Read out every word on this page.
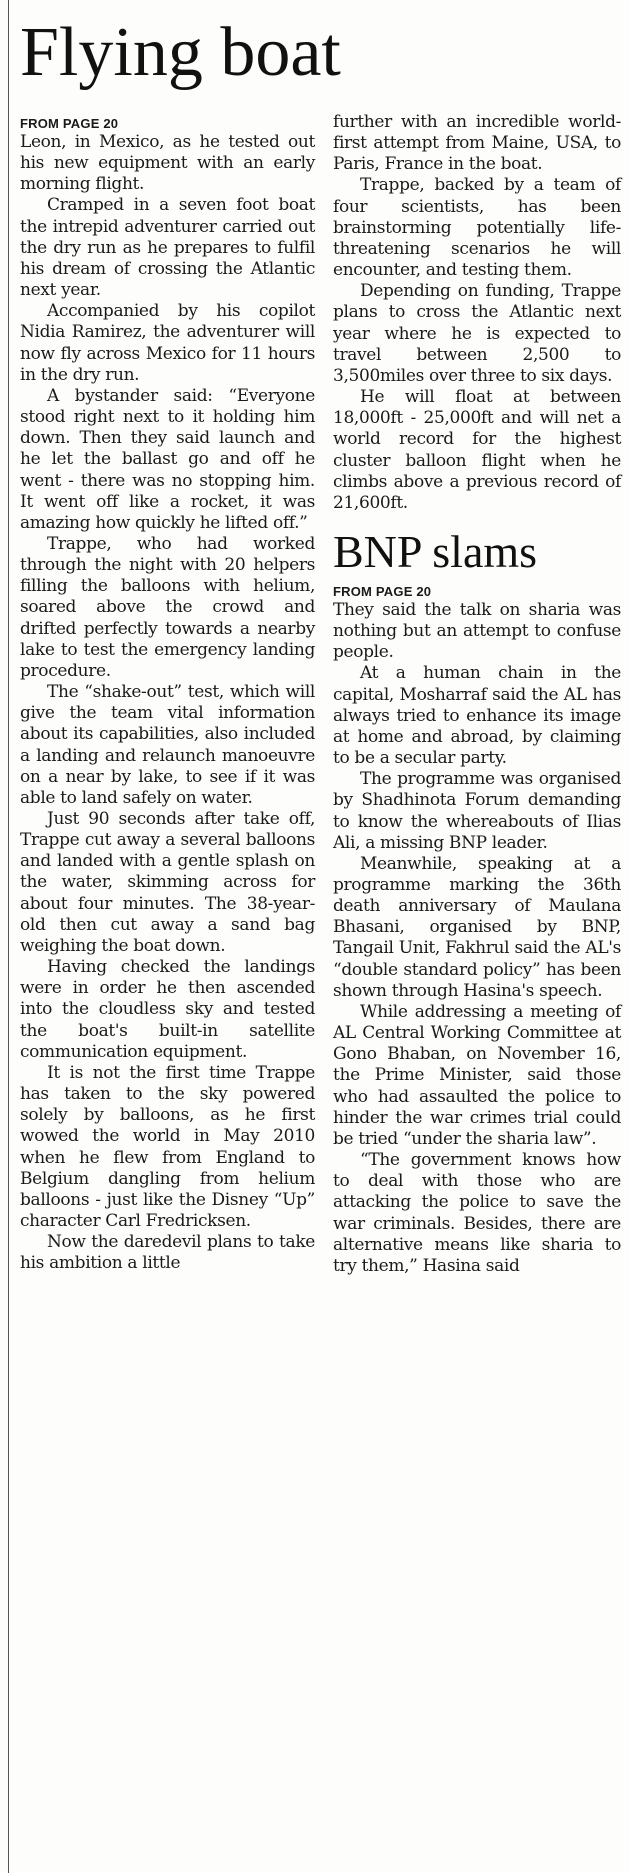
Flying boat
FROM PAGE 20

Leon, in Mexico, as he tested out his new equipment with an early morning flight.

Cramped in a seven foot boat the intrepid adventurer carried out the dry run as he prepares to fulfil his dream of crossing the Atlantic next year.

Accompanied by his copilot Nidia Ramirez, the adventurer will now fly across Mexico for 11 hours in the dry run.

A bystander said: “Everyone stood right next to it holding him down. Then they said launch and he let the ballast go and off he went - there was no stopping him. It went off like a rocket, it was amazing how quickly he lifted off.”

Trappe, who had worked through the night with 20 helpers filling the balloons with helium, soared above the crowd and drifted perfectly towards a nearby lake to test the emergency landing procedure.

The “shake-out” test, which will give the team vital information about its capabilities, also included a landing and relaunch manoeuvre on a near by lake, to see if it was able to land safely on water.

Just 90 seconds after take off, Trappe cut away a several balloons and landed with a gentle splash on the water, skimming across for about four minutes. The 38-year-old then cut away a sand bag weighing the boat down.

Having checked the landings were in order he then ascended into the cloudless sky and tested the boat's built-in satellite communication equipment.

It is not the first time Trappe has taken to the sky powered solely by balloons, as he first wowed the world in May 2010 when he flew from England to Belgium dangling from helium balloons - just like the Disney “Up” character Carl Fredricksen.

Now the daredevil plans to take his ambition a little

further with an incredible world-first attempt from Maine, USA, to Paris, France in the boat.

Trappe, backed by a team of four scientists, has been brainstorming potentially life-threatening scenarios he will encounter, and testing them.

Depending on funding, Trappe plans to cross the Atlantic next year where he is expected to travel between 2,500 to 3,500miles over three to six days.

He will float at between 18,000ft - 25,000ft and will net a world record for the highest cluster balloon flight when he climbs above a previous record of 21,600ft.

BNP slams
FROM PAGE 20

They said the talk on sharia was nothing but an attempt to confuse people.

At a human chain in the capital, Mosharraf said the AL has always tried to enhance its image at home and abroad, by claiming to be a secular party.

The programme was organised by Shadhinota Forum demanding to know the whereabouts of Ilias Ali, a missing BNP leader.

Meanwhile, speaking at a programme marking the 36th death anniversary of Maulana Bhasani, organised by BNP, Tangail Unit, Fakhrul said the AL's “double standard policy” has been shown through Hasina's speech.

While addressing a meeting of AL Central Working Committee at Gono Bhaban, on November 16, the Prime Minister, said those who had assaulted the police to hinder the war crimes trial could be tried “under the sharia law”.

“The government knows how to deal with those who are attacking the police to save the war criminals. Besides, there are alternative means like sharia to try them,” Hasina said
